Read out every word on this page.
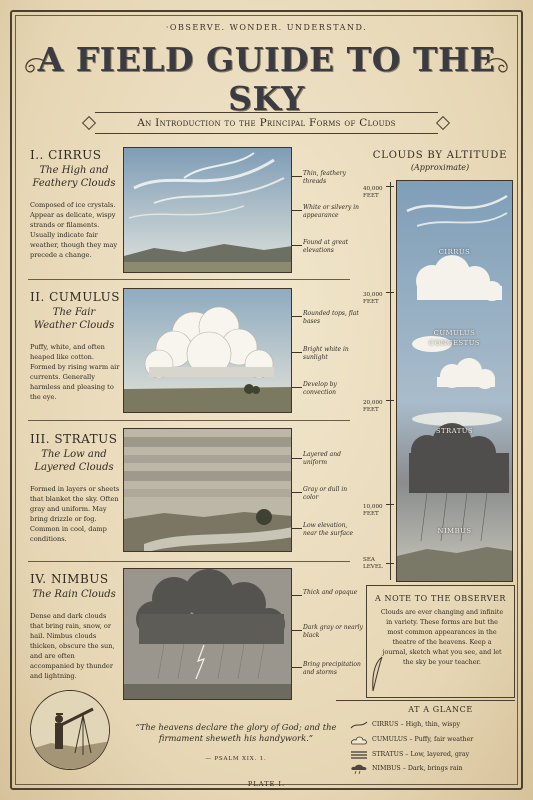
·OBSERVE. WONDER. UNDERSTAND.
A FIELD GUIDE TO THE SKY
An Introduction to the Principal Forms of Clouds
I.. CIRRUS
The High and Feathery Clouds
Composed of ice crystals. Appear as delicate, wispy strands or filaments. Usually indicate fair weather, though they may precede a change.
Thin, feathery threads
White or silvery in appearance
Found at great elevations
II. CUMULUS
The Fair Weather Clouds
Puffy, white, and often heaped like cotton. Formed by rising warm air currents. Generally harmless and pleasing to the eye.
Rounded tops, flat bases
Bright white in sunlight
Develop by convection
III. STRATUS
The Low and Layered Clouds
Formed in layers or sheets that blanket the sky. Often gray and uniform. May bring drizzle or fog. Common in cool, damp conditions.
Layered and uniform
Gray or dull in color
Low elevation, near the surface
IV. NIMBUS
The Rain Clouds
Dense and dark clouds that bring rain, snow, or hail. Nimbus clouds thicken, obscure the sun, and are often accompanied by thunder and lightning.
Thick and opaque
Dark gray or nearly black
Bring precipitation and storms
CLOUDS BY ALTITUDE
(Approximate)
40,000 FEET
30,000 FEET
20,000 FEET
10,000 FEET
SEA LEVEL
CIRRUS
CUMULUS CONGESTUS
STRATUS
NIMBUS
A NOTE TO THE OBSERVER
Clouds are ever changing and infinite in variety. These forms are but the most common appearances in the theatre of the heavens. Keep a journal, sketch what you see, and let the sky be your teacher.
AT A GLANCE
CIRRUS – High, thin, wispy
CUMULUS – Puffy, fair weather
STRATUS – Low, layered, gray
NIMBUS – Dark, brings rain
“The heavens declare the glory of God; and the firmament sheweth his handywork.”
— PSALM XIX. 1.
PLATE I.
